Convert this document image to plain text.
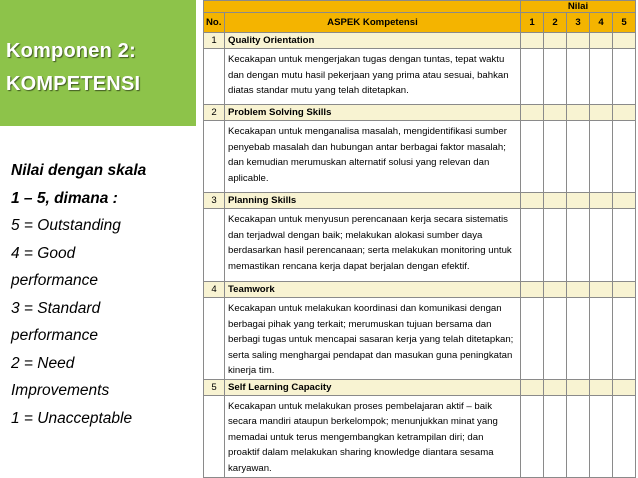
Komponen 2:
KOMPETENSI
Nilai dengan skala
1 – 5, dimana :
5 = Outstanding
4 = Good
performance
3 = Standard
performance
2 = Need
Improvements
1 = Unacceptable
		Nilai				
No.	ASPEK Kompetensi	1	2	3	4	5
1	Quality Orientation					
	Kecakapan untuk mengerjakan tugas dengan tuntas, tepat waktu dan dengan mutu hasil pekerjaan yang prima atau sesuai, bahkan diatas standar mutu yang telah ditetapkan.					
2	Problem Solving Skills					
	Kecakapan untuk menganalisa masalah, mengidentifikasi sumber penyebab masalah dan hubungan antar berbagai faktor masalah; dan kemudian merumuskan alternatif solusi yang relevan dan aplicable.					
3	Planning Skills					
	Kecakapan untuk menyusun perencanaan kerja secara sistematis dan terjadwal dengan baik; melakukan alokasi sumber daya berdasarkan hasil perencanaan; serta melakukan monitoring untuk memastikan rencana kerja dapat berjalan dengan efektif.					
4	Teamwork					
	Kecakapan untuk melakukan koordinasi dan komunikasi dengan berbagai pihak yang terkait; merumuskan tujuan bersama dan berbagi tugas untuk mencapai sasaran kerja yang telah ditetapkan; serta saling menghargai pendapat dan masukan guna peningkatan kinerja tim.					
5	Self Learning Capacity					
	Kecakapan untuk melakukan proses pembelajaran aktif – baik secara mandiri ataupun berkelompok; menunjukkan minat yang memadai untuk terus mengembangkan ketrampilan diri; dan proaktif dalam melakukan sharing knowledge diantara sesama karyawan.					
